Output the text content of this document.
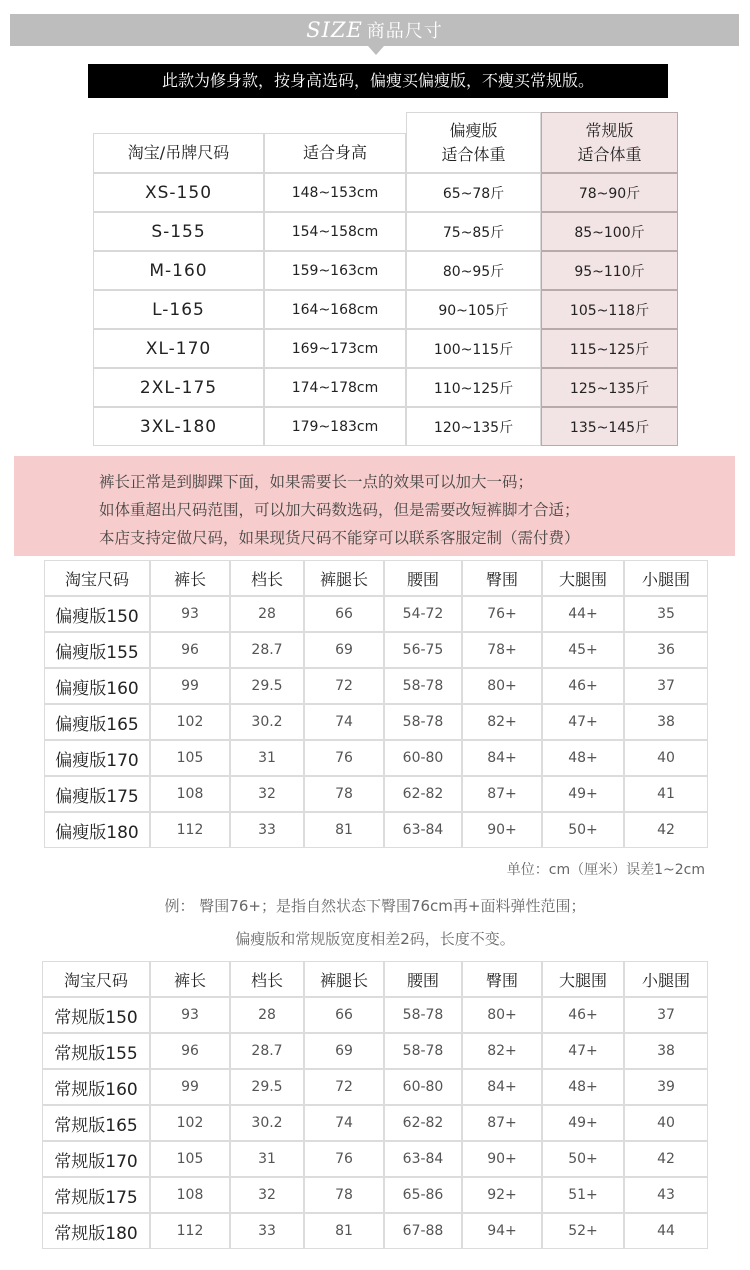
SIZE 商品尺寸
此款为修身款，按身高选码，偏瘦买偏瘦版，不瘦买常规版。
淘宝/吊牌尺码	适合身高
偏瘦版
适合体重
常规版
适合体重
XS-150	148~153cm	65~78斤	78~90斤
S-155	154~158cm	75~85斤	85~100斤
M-160	159~163cm	80~95斤	95~110斤
L-165	164~168cm	90~105斤	105~118斤
XL-170	169~173cm	100~115斤	115~125斤
2XL-175	174~178cm	110~125斤	125~135斤
3XL-180	179~183cm	120~135斤	135~145斤
裤长正常是到脚踝下面，如果需要长一点的效果可以加大一码；
如体重超出尺码范围，可以加大码数选码，但是需要改短裤脚才合适；
本店支持定做尺码，如果现货尺码不能穿可以联系客服定制（需付费）
淘宝尺码	裤长	档长	裤腿长	腰围	臀围	大腿围	小腿围
偏瘦版150	93	28	66	54-72	76+	44+	35
偏瘦版155	96	28.7	69	56-75	78+	45+	36
偏瘦版160	99	29.5	72	58-78	80+	46+	37
偏瘦版165	102	30.2	74	58-78	82+	47+	38
偏瘦版170	105	31	76	60-80	84+	48+	40
偏瘦版175	108	32	78	62-82	87+	49+	41
偏瘦版180	112	33	81	63-84	90+	50+	42
单位：cm（厘米）误差1~2cm
例： 臀围76+；是指自然状态下臀围76cm再+面料弹性范围；
偏瘦版和常规版宽度相差2码，长度不变。
淘宝尺码	裤长	档长	裤腿长	腰围	臀围	大腿围	小腿围
常规版150	93	28	66	58-78	80+	46+	37
常规版155	96	28.7	69	58-78	82+	47+	38
常规版160	99	29.5	72	60-80	84+	48+	39
常规版165	102	30.2	74	62-82	87+	49+	40
常规版170	105	31	76	63-84	90+	50+	42
常规版175	108	32	78	65-86	92+	51+	43
常规版180	112	33	81	67-88	94+	52+	44
